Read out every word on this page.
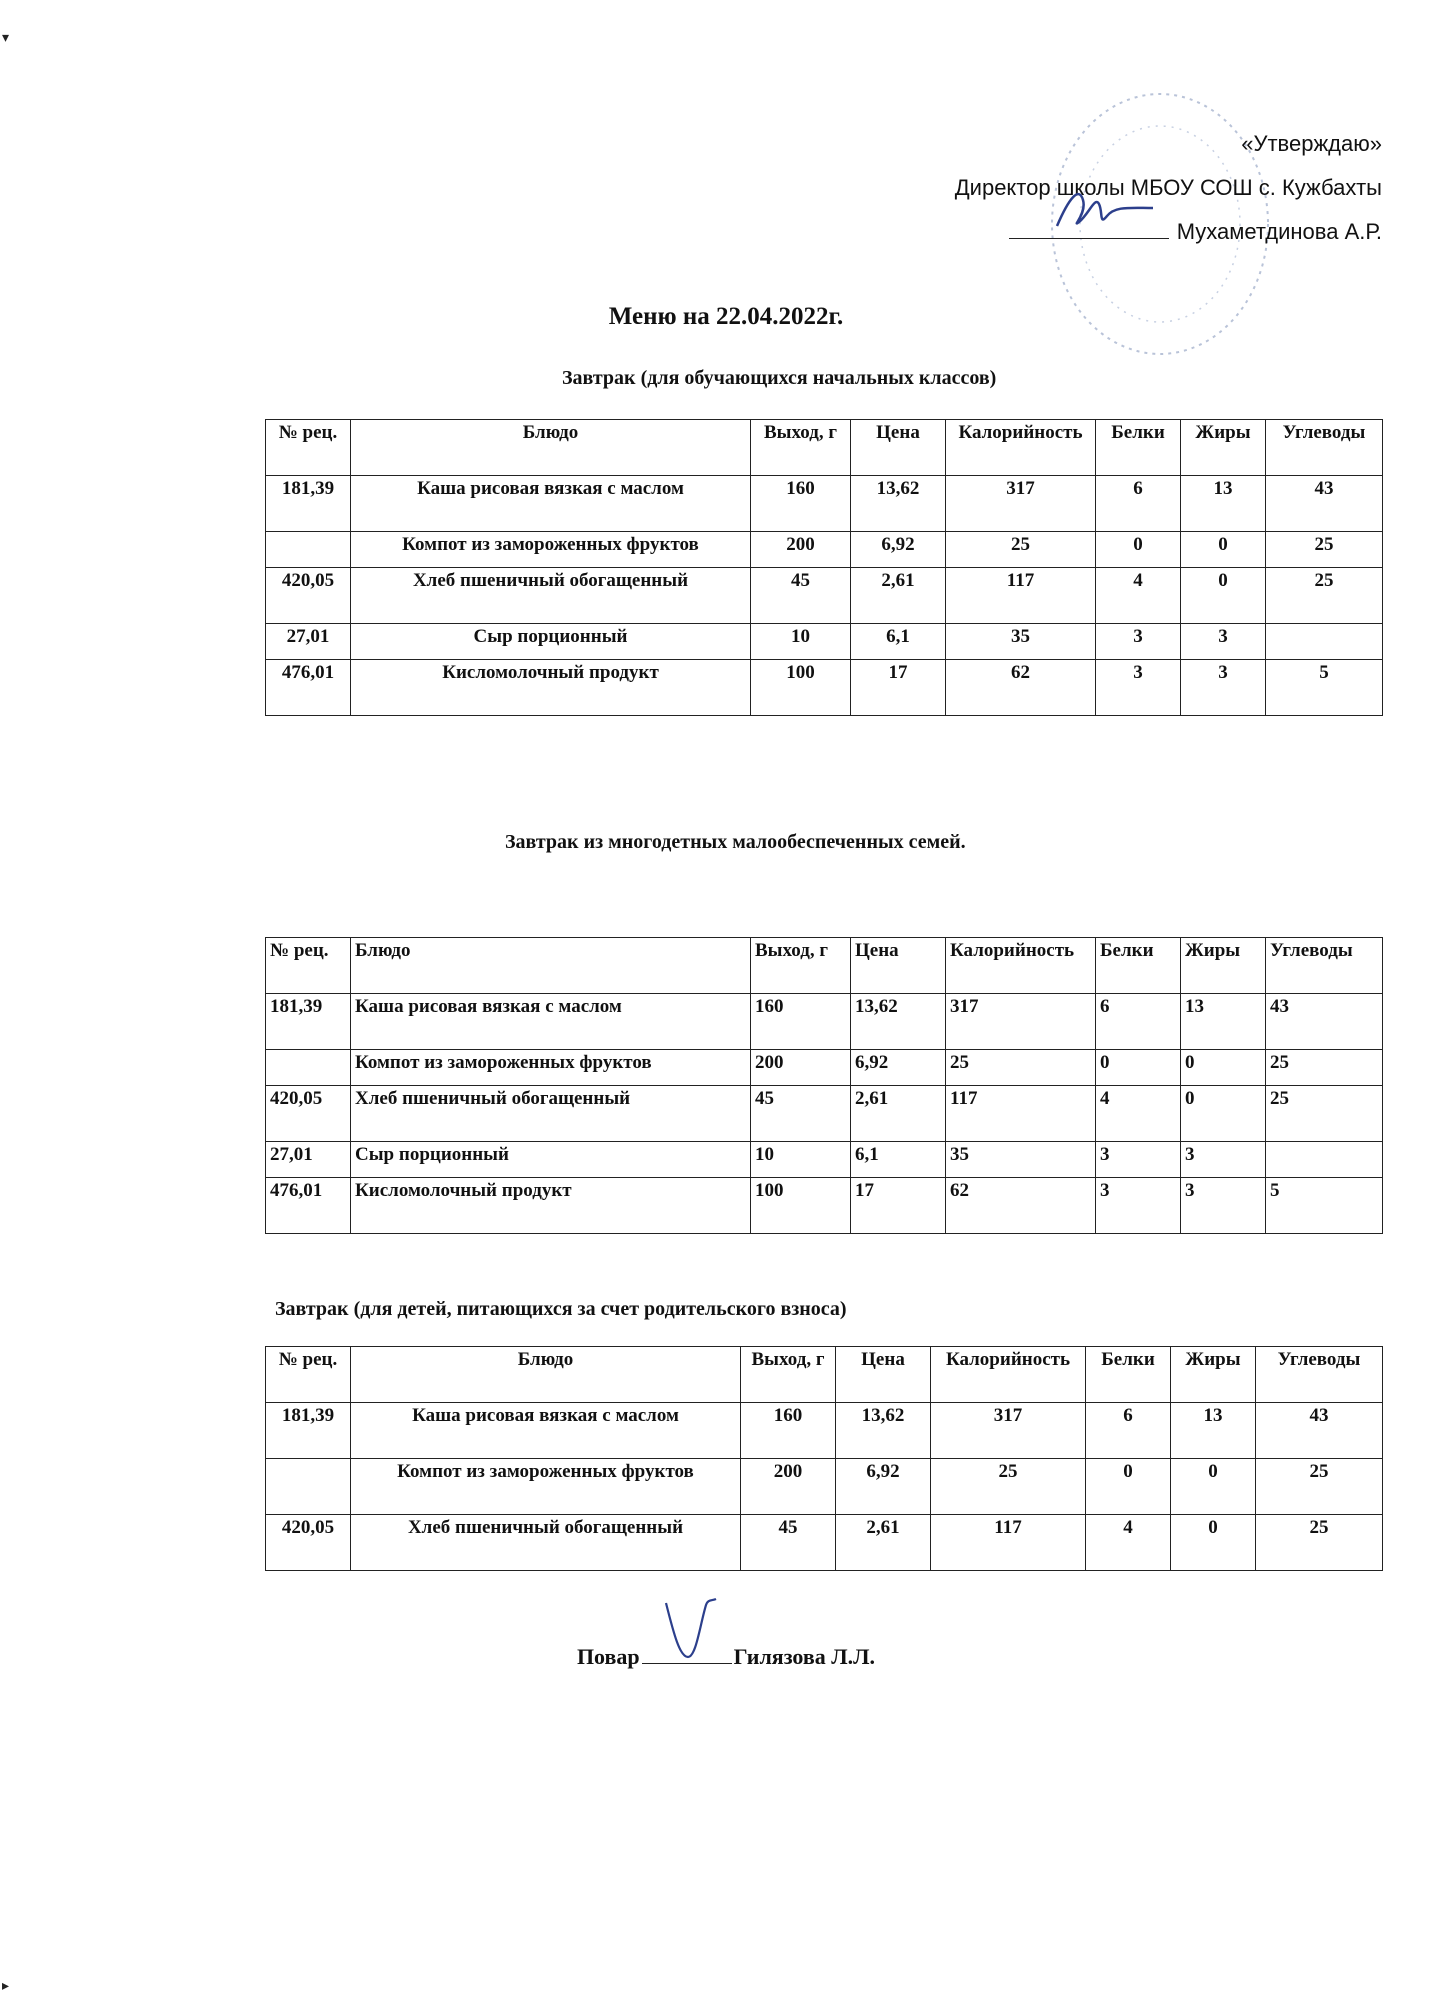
▾
▸
«Утверждаю»
Директор школы МБОУ СОШ с. Кужбахты
Мухаметдинова А.Р.
Меню на 22.04.2022г.
Завтрак (для обучающихся начальных классов)
№ рец.	Блюдо	Выход, г	Цена	Калорийность	Белки	Жиры	Углеводы
181,39	Каша рисовая вязкая с маслом	160	13,62	317	6	13	43
	Компот из замороженных фруктов	200	6,92	25	0	0	25
420,05	Хлеб пшеничный обогащенный	45	2,61	117	4	0	25
27,01	Сыр порционный	10	6,1	35	3	3	
476,01	Кисломолочный продукт	100	17	62	3	3	5
Завтрак из многодетных малообеспеченных семей.
№ рец.	Блюдо	Выход, г	Цена	Калорийность	Белки	Жиры	Углеводы
181,39	Каша рисовая вязкая с маслом	160	13,62	317	6	13	43
	Компот из замороженных фруктов	200	6,92	25	0	0	25
420,05	Хлеб пшеничный обогащенный	45	2,61	117	4	0	25
27,01	Сыр порционный	10	6,1	35	3	3	
476,01	Кисломолочный продукт	100	17	62	3	3	5
Завтрак (для детей, питающихся за счет родительского взноса)
№ рец.	Блюдо	Выход, г	Цена	Калорийность	Белки	Жиры	Углеводы
181,39	Каша рисовая вязкая с маслом	160	13,62	317	6	13	43
	Компот из замороженных фруктов	200	6,92	25	0	0	25
420,05	Хлеб пшеничный обогащенный	45	2,61	117	4	0	25
Повар	Гилязова Л.Л.
